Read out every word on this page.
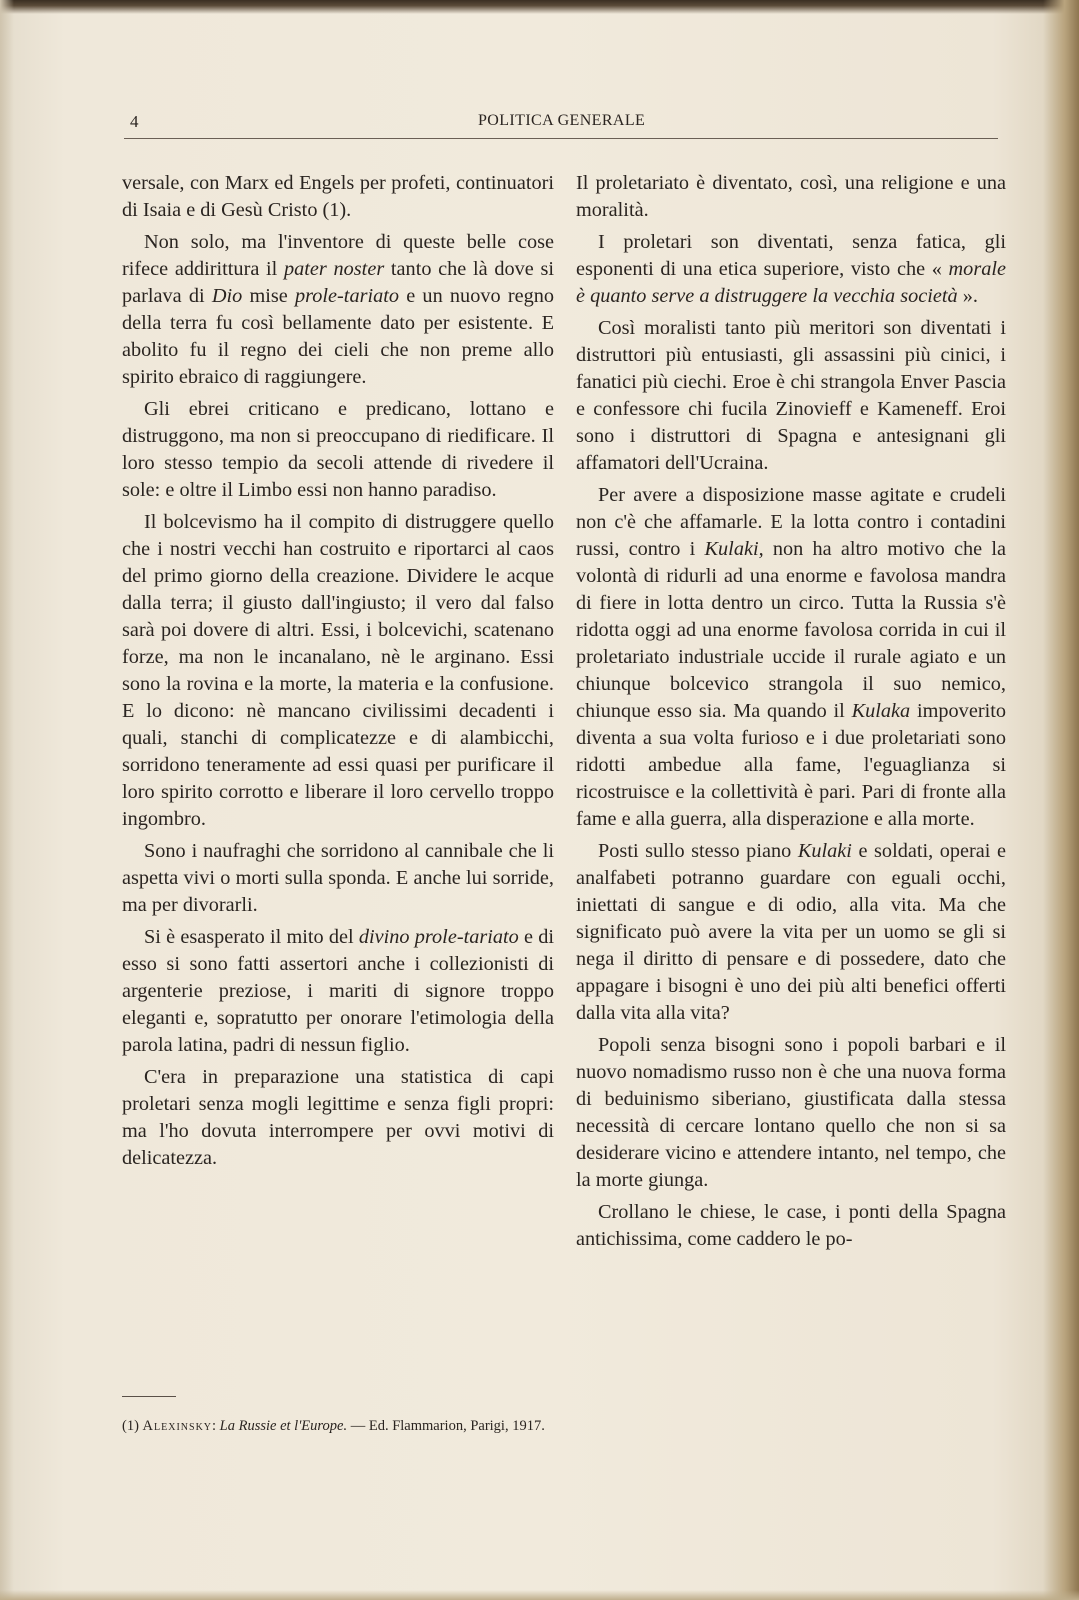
4	POLITICA GENERALE

versale, con Marx ed Engels per profeti, continuatori di Isaia e di Gesù Cristo (1).

Non solo, ma l'inventore di queste belle cose rifece addirittura il pater noster tanto che là dove si parlava di Dio mise prole-tariato e un nuovo regno della terra fu così bellamente dato per esistente. E abolito fu il regno dei cieli che non preme allo spirito ebraico di raggiungere.

Gli ebrei criticano e predicano, lottano e distruggono, ma non si preoccupano di riedificare. Il loro stesso tempio da secoli attende di rivedere il sole: e oltre il Limbo essi non hanno paradiso.

Il bolcevismo ha il compito di distruggere quello che i nostri vecchi han costruito e riportarci al caos del primo giorno della creazione. Dividere le acque dalla terra; il giusto dall'ingiusto; il vero dal falso sarà poi dovere di altri. Essi, i bolcevichi, scatenano forze, ma non le incanalano, nè le arginano. Essi sono la rovina e la morte, la materia e la confusione. E lo dicono: nè mancano civilissimi decadenti i quali, stanchi di complicatezze e di alambicchi, sorridono teneramente ad essi quasi per purificare il loro spirito corrotto e liberare il loro cervello troppo ingombro.

Sono i naufraghi che sorridono al cannibale che li aspetta vivi o morti sulla sponda. E anche lui sorride, ma per divorarli.

Si è esasperato il mito del divino prole-tariato e di esso si sono fatti assertori anche i collezionisti di argenterie preziose, i mariti di signore troppo eleganti e, sopratutto per onorare l'etimologia della parola latina, padri di nessun figlio.

C'era in preparazione una statistica di capi proletari senza mogli legittime e senza figli propri: ma l'ho dovuta interrompere per ovvi motivi di delicatezza.

(1) Alexinsky: La Russie et l'Europe. — Ed. Flammarion, Parigi, 1917.

Il proletariato è diventato, così, una religione e una moralità.

I proletari son diventati, senza fatica, gli esponenti di una etica superiore, visto che « morale è quanto serve a distruggere la vecchia società ».

Così moralisti tanto più meritori son diventati i distruttori più entusiasti, gli assassini più cinici, i fanatici più ciechi. Eroe è chi strangola Enver Pascia e confessore chi fucila Zinovieff e Kameneff. Eroi sono i distruttori di Spagna e antesignani gli affamatori dell'Ucraina.

Per avere a disposizione masse agitate e crudeli non c'è che affamarle. E la lotta contro i contadini russi, contro i Kulaki, non ha altro motivo che la volontà di ridurli ad una enorme e favolosa mandra di fiere in lotta dentro un circo. Tutta la Russia s'è ridotta oggi ad una enorme favolosa corrida in cui il proletariato industriale uccide il rurale agiato e un chiunque bolcevico strangola il suo nemico, chiunque esso sia. Ma quando il Kulaka impoverito diventa a sua volta furioso e i due proletariati sono ridotti ambedue alla fame, l'eguaglianza si ricostruisce e la collettività è pari. Pari di fronte alla fame e alla guerra, alla disperazione e alla morte.

Posti sullo stesso piano Kulaki e soldati, operai e analfabeti potranno guardare con eguali occhi, iniettati di sangue e di odio, alla vita. Ma che significato può avere la vita per un uomo se gli si nega il diritto di pensare e di possedere, dato che appagare i bisogni è uno dei più alti benefici offerti dalla vita alla vita?

Popoli senza bisogni sono i popoli barbari e il nuovo nomadismo russo non è che una nuova forma di beduinismo siberiano, giustificata dalla stessa necessità di cercare lontano quello che non si sa desiderare vicino e attendere intanto, nel tempo, che la morte giunga.

Crollano le chiese, le case, i ponti della Spagna antichissima, come caddero le po-
